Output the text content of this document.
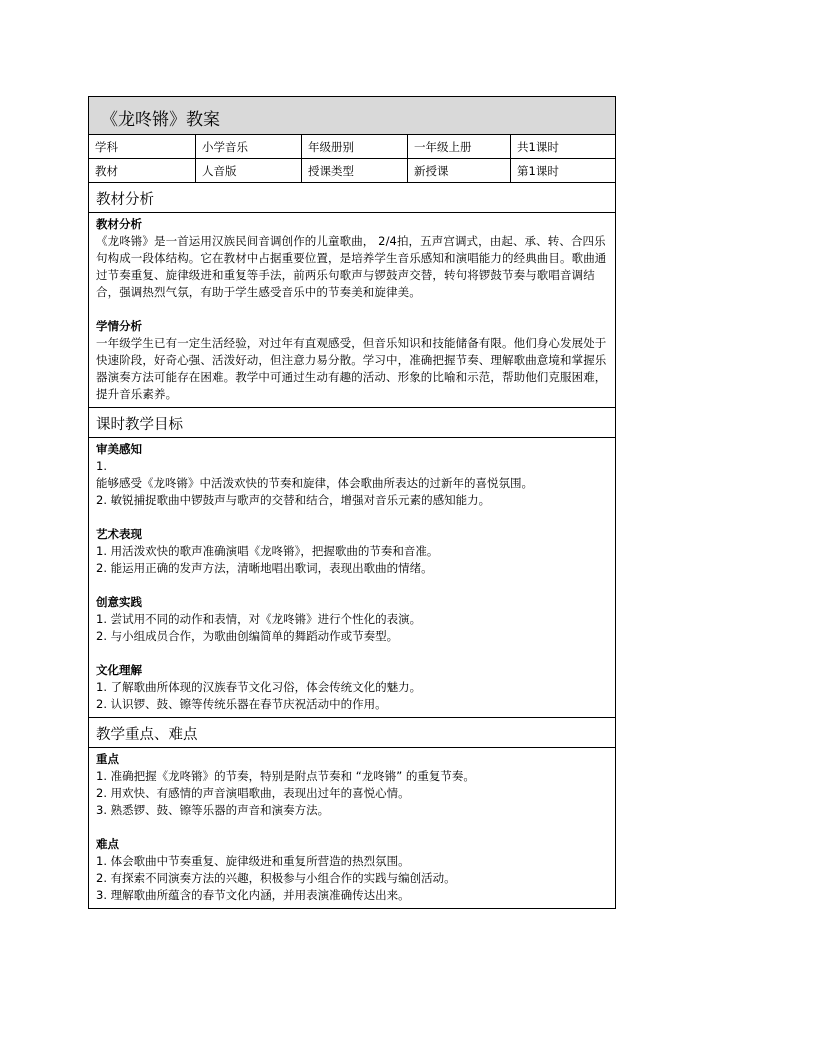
《龙咚锵》教案
学科	小学音乐	年级册别	一年级上册	共1课时
教材	人音版	授课类型	新授课	第1课时
教材分析
教材分析
《龙咚锵》是一首运用汉族民间音调创作的儿童歌曲， 2/4拍，五声宫调式，由起、承、转、合四乐句构成一段体结构。它在教材中占据重要位置，是培养学生音乐感知和演唱能力的经典曲目。歌曲通过节奏重复、旋律级进和重复等手法，前两乐句歌声与锣鼓声交替，转句将锣鼓节奏与歌唱音调结合，强调热烈气氛，有助于学生感受音乐中的节奏美和旋律美。
学情分析
一年级学生已有一定生活经验，对过年有直观感受，但音乐知识和技能储备有限。他们身心发展处于快速阶段，好奇心强、活泼好动，但注意力易分散。学习中，准确把握节奏、理解歌曲意境和掌握乐器演奏方法可能存在困难。教学中可通过生动有趣的活动、形象的比喻和示范，帮助他们克服困难，提升音乐素养。
课时教学目标
审美感知
1.
能够感受《龙咚锵》中活泼欢快的节奏和旋律，体会歌曲所表达的过新年的喜悦氛围。
2. 敏锐捕捉歌曲中锣鼓声与歌声的交替和结合，增强对音乐元素的感知能力。
艺术表现
1. 用活泼欢快的歌声准确演唱《龙咚锵》，把握歌曲的节奏和音准。
2. 能运用正确的发声方法，清晰地唱出歌词，表现出歌曲的情绪。
创意实践
1. 尝试用不同的动作和表情，对《龙咚锵》进行个性化的表演。
2. 与小组成员合作，为歌曲创编简单的舞蹈动作或节奏型。
文化理解
1. 了解歌曲所体现的汉族春节文化习俗，体会传统文化的魅力。
2. 认识锣、鼓、镲等传统乐器在春节庆祝活动中的作用。
教学重点、难点
重点
1. 准确把握《龙咚锵》的节奏，特别是附点节奏和 “龙咚锵” 的重复节奏。
2. 用欢快、有感情的声音演唱歌曲，表现出过年的喜悦心情。
3. 熟悉锣、鼓、镲等乐器的声音和演奏方法。
难点
1. 体会歌曲中节奏重复、旋律级进和重复所营造的热烈氛围。
2. 有探索不同演奏方法的兴趣，积极参与小组合作的实践与编创活动。
3. 理解歌曲所蕴含的春节文化内涵，并用表演准确传达出来。
